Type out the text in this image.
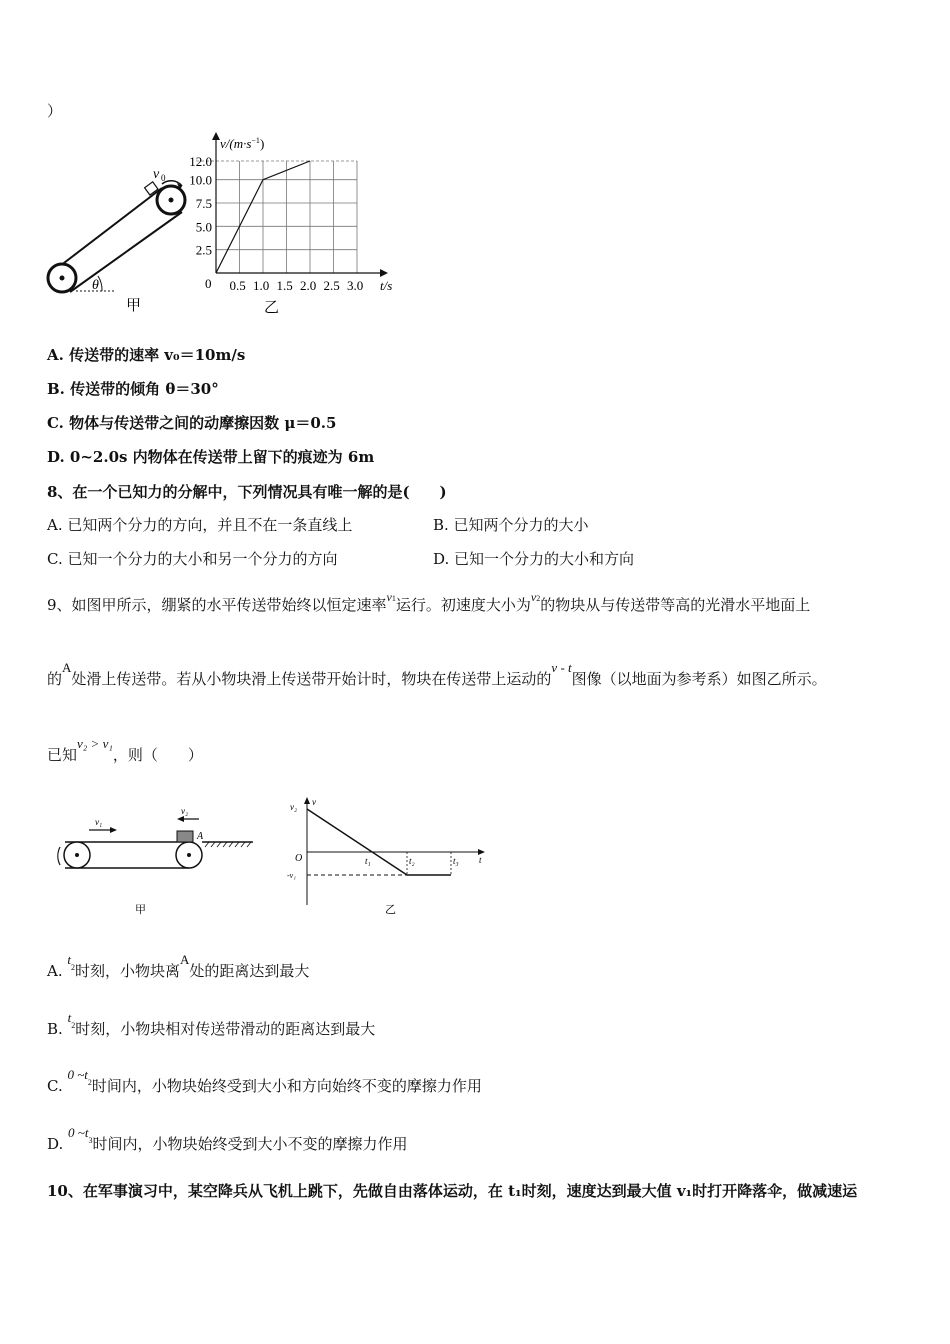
）
v 0
θ
甲
0.5 1.0 1.5 2.0 2.5 3.0
2.5
5.0
7.5
10.0
12.0
$v/(m\cdot s^{-1})$
t/s
0
乙
A. 传送带的速率 v₀＝10m/s
B. 传送带的倾角 θ＝30°
C. 物体与传送带之间的动摩擦因数 μ＝0.5
D. 0~2.0s 内物体在传送带上留下的痕迹为 6m
8、在一个已知力的分解中，下列情况具有唯一解的是(　　)
A. 已知两个分力的方向，并且不在一条直线上	B. 已知两个分力的大小
C. 已知一个分力的大小和另一个分力的方向	D. 已知一个分力的大小和方向
9、如图甲所示，绷紧的水平传送带始终以恒定速率$^{v1}$运行。初速度大小为$^{v2}$的物块从与传送带等高的光滑水平地面上
的A处滑上传送带。若从小物块滑上传送带开始计时，物块在传送带上运动的v - t图像（以地面为参考系）如图乙所示。
已知v₂ > v₁，则（　　）
A
v₁
v₂
甲
v
v₂
O
-v₁
t₁	t₂	t₃ t
乙
A. $t^2$时刻，小物块离A处的距离达到最大
B. $t^2$时刻，小物块相对传送带滑动的距离达到最大
C. 0 $\sim t^2$时间内，小物块始终受到大小和方向始终不变的摩擦力作用
D. 0 $\sim t^3$时间内，小物块始终受到大小不变的摩擦力作用
10、在军事演习中，某空降兵从飞机上跳下，先做自由落体运动，在 t₁时刻，速度达到最大值 v₁时打开降落伞，做减速运
